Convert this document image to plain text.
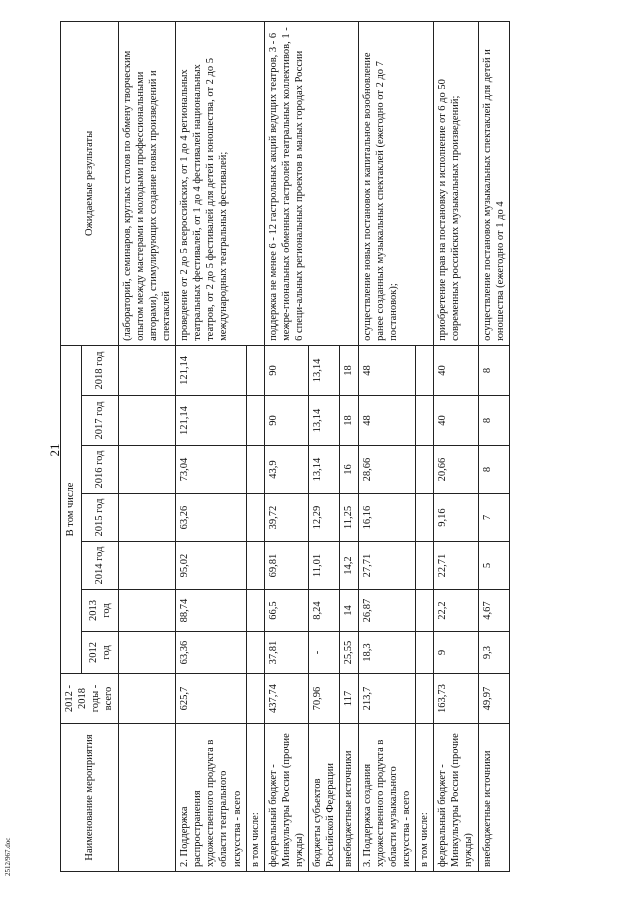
21
Наименование мероприятия	2012 - 2018 годы - всего	В том числе							Ожидаемые результаты
		2012 год	2013 год	2014 год	2015 год	2016 год	2017 год	2018 год	
									(лабораторий, семинаров, круглых столов по обмену творческим опытом между мастерами и молодыми профессиональными авторами), стимулирующих создание новых произведений и спектаклей
2. Поддержка распространения художественного продукта в области театрального искусства - всего	625,7	63,36	88,74	95,02	63,26	73,04	121,14	121,14	проведение от 2 до 5 всероссийских, от 1 до 4 региональных театральных фестивалей, от 1 до 4 фестивалей национальных театров, от 2 до 5 фестивалей для детей и юношества, от 2 до 5 международных театральных фестивалей;
в том числе:									
федеральный бюджет - Минкультуры России (прочие нужды)	437,74	37,81	66,5	69,81	39,72	43,9	90	90	поддержка не менее 6 - 12 гастрольных акций ведущих театров, 3 - 6 межре-гиональных обменных гастролей театральных коллективов, 1 - 6 специ-альных региональных проектов в малых городах России
бюджеты субъектов Российской Федерации	70,96	-	8,24	11,01	12,29	13,14	13,14	13,14	
внебюджетные источники	117	25,55	14	14,2	11,25	16	18	18	
3. Поддержка создания художественного продукта в области музыкального искусства - всего	213,7	18,3	26,87	27,71	16,16	28,66	48	48	осуществление новых постановок и капитальное возобновление ранее созданных музыкальных спектаклей (ежегодно от 2 до 7 постановок);
в том числе:									
федеральный бюджет - Минкультуры России (прочие нужды)	163,73	9	22,2	22,71	9,16	20,66	40	40	приобретение прав на постановку и исполнение от 6 до 50 современных российских музыкальных произведений;
внебюджетные источники	49,97	9,3	4,67	5	7	8	8	8	осуществление постановок музыкальных спектаклей для детей и юношества (ежегодно от 1 до 4
2512/967.doc
